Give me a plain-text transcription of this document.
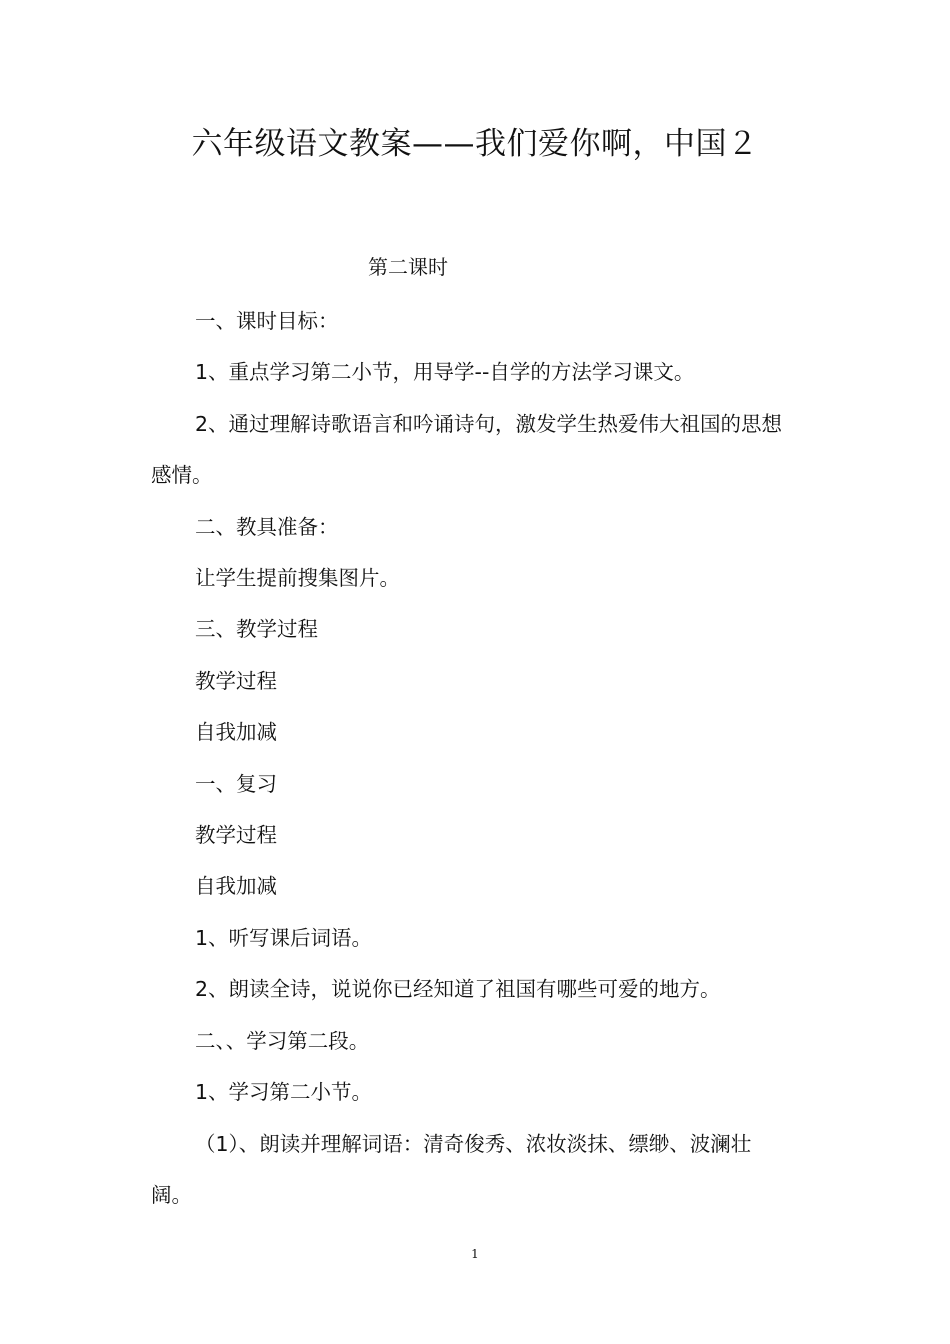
六年级语文教案——我们爱你啊，中国２
第二课时

一、课时目标：

1、重点学习第二小节，用导学--自学的方法学习课文。

2、通过理解诗歌语言和吟诵诗句，激发学生热爱伟大祖国的思想感情。

二、教具准备：

让学生提前搜集图片。

三、教学过程

教学过程

自我加减

一、复习

教学过程

自我加减

1、听写课后词语。

2、朗读全诗，说说你已经知道了祖国有哪些可爱的地方。

二、、学习第二段。

1、学习第二小节。

（1）、朗读并理解词语：清奇俊秀、浓妆淡抹、缥缈、波澜壮阔。

1
